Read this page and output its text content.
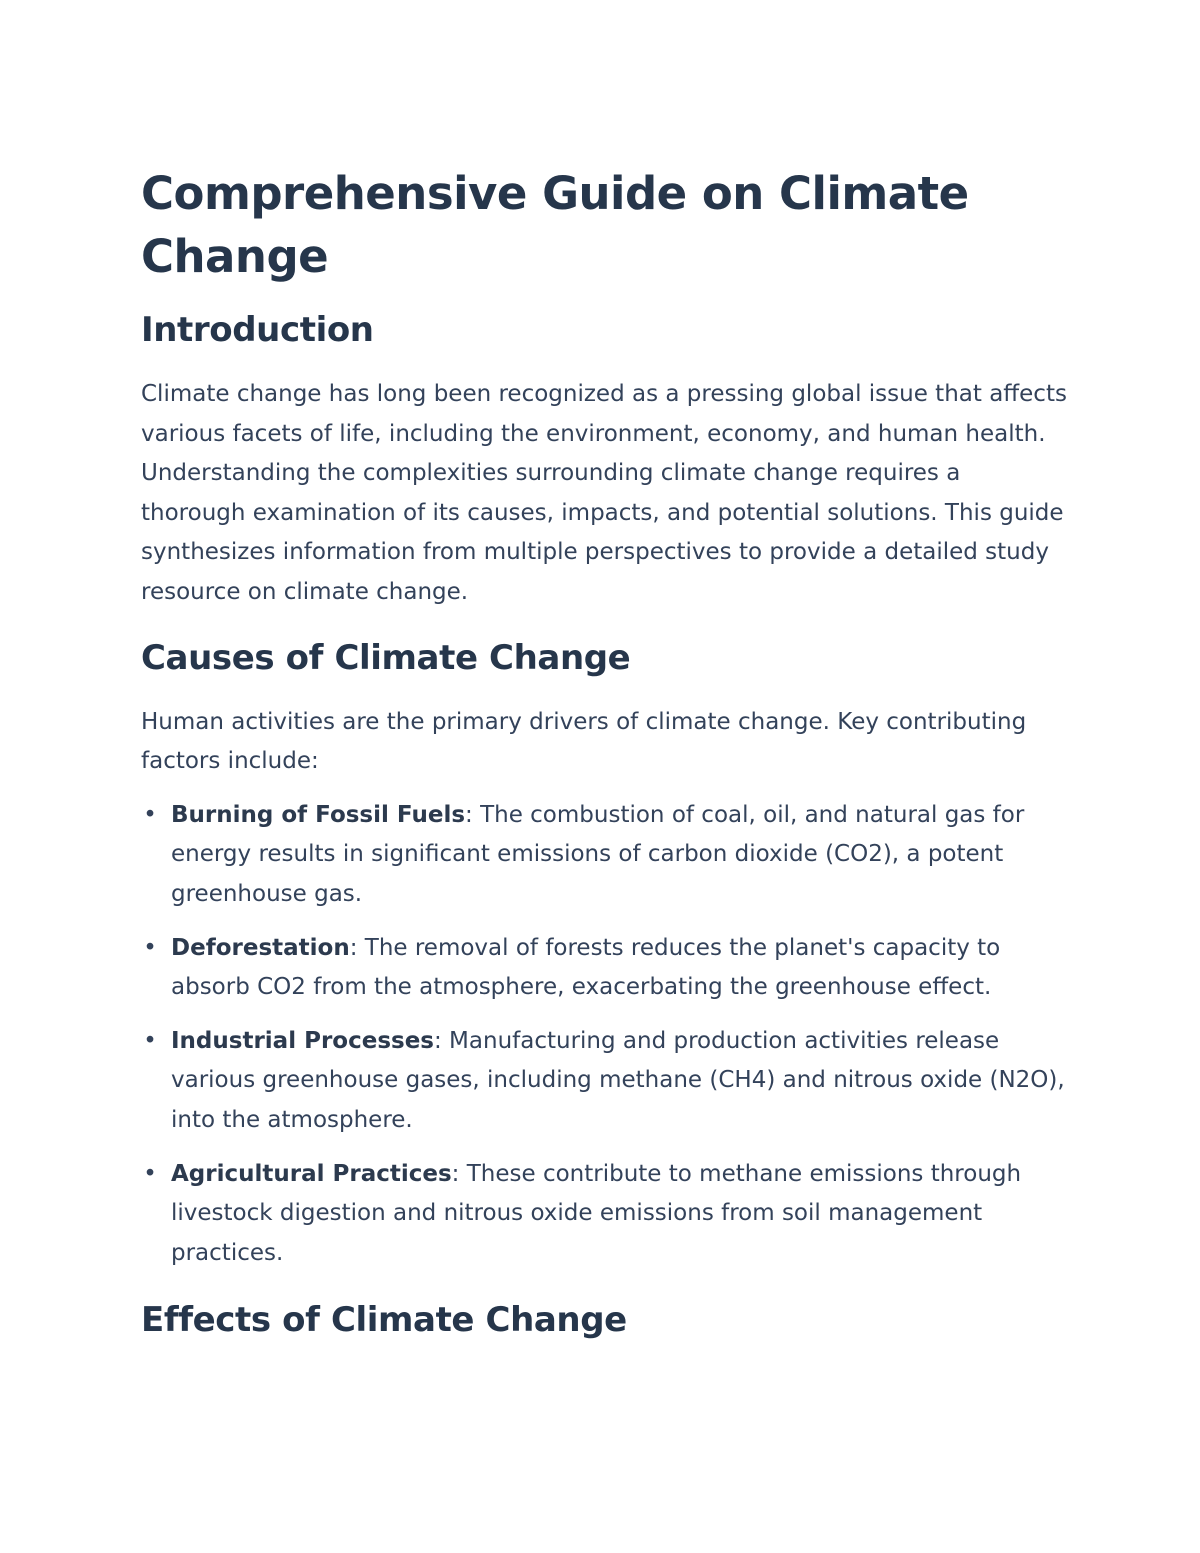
Comprehensive Guide on Climate Change
Introduction

Climate change has long been recognized as a pressing global issue that affects various facets of life, including the environment, economy, and human health. Understanding the complexities surrounding climate change requires a thorough examination of its causes, impacts, and potential solutions. This guide synthesizes information from multiple perspectives to provide a detailed study resource on climate change.

Causes of Climate Change

Human activities are the primary drivers of climate change. Key contributing factors include:

• Burning of Fossil Fuels: The combustion of coal, oil, and natural gas for energy results in significant emissions of carbon dioxide (CO2), a potent greenhouse gas.
• Deforestation: The removal of forests reduces the planet's capacity to absorb CO2 from the atmosphere, exacerbating the greenhouse effect.
• Industrial Processes: Manufacturing and production activities release various greenhouse gases, including methane (CH4) and nitrous oxide (N2O), into the atmosphere.
• Agricultural Practices: These contribute to methane emissions through livestock digestion and nitrous oxide emissions from soil management practices.
Effects of Climate Change
